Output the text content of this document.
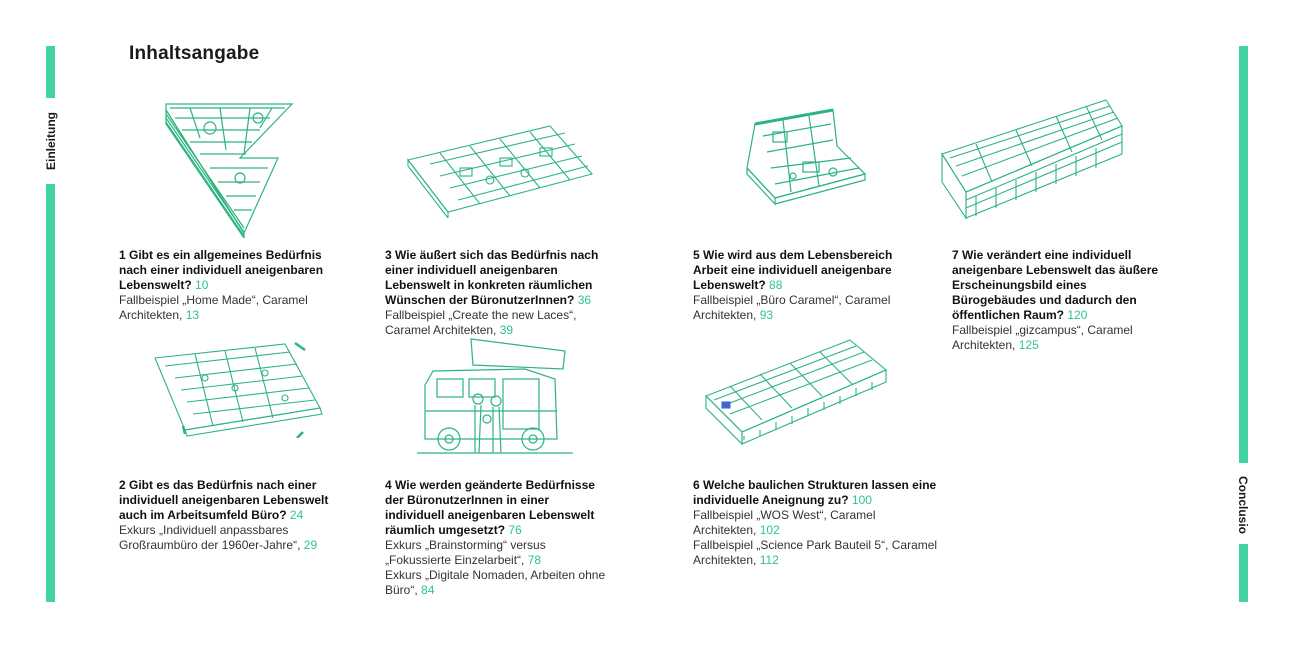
Einleitung
Conclusio
Inhaltsangabe
1 Gibt es ein allgemeines Bedürfnis nach einer individuell aneigenbaren Lebenswelt? 10
Fallbeispiel „Home Made“, Caramel Architekten, 13
2 Gibt es das Bedürfnis nach einer individuell aneigenbaren Lebenswelt auch im Arbeitsumfeld Büro? 24
Exkurs „Individuell anpassbares Großraumbüro der 1960er-Jahre“, 29
3 Wie äußert sich das Bedürfnis nach einer individuell aneigenbaren Lebenswelt in konkreten räumlichen Wünschen der BüronutzerInnen? 36
Fallbeispiel „Create the new Laces“, Caramel Architekten, 39
4 Wie werden geänderte Bedürfnisse der BüronutzerInnen in einer individuell aneigenbaren Lebenswelt räumlich umgesetzt? 76
Exkurs „Brainstorming“ versus „Fokussierte Einzelarbeit“, 78
Exkurs „Digitale Nomaden, Arbeiten ohne Büro“, 84
5 Wie wird aus dem Lebensbereich Arbeit eine individuell aneigenbare Lebenswelt? 88
Fallbeispiel „Büro Caramel“, Caramel Architekten, 93
6 Welche baulichen Strukturen lassen eine individuelle Aneignung zu? 100
Fallbeispiel „WOS West“, Caramel Architekten, 102
Fallbeispiel „Science Park Bauteil 5“, Caramel Architekten, 112
7 Wie verändert eine individuell aneigenbare Lebenswelt das äußere Erscheinungsbild eines Bürogebäudes und dadurch den öffentlichen Raum? 120
Fallbeispiel „gizcampus“, Caramel Architekten, 125
